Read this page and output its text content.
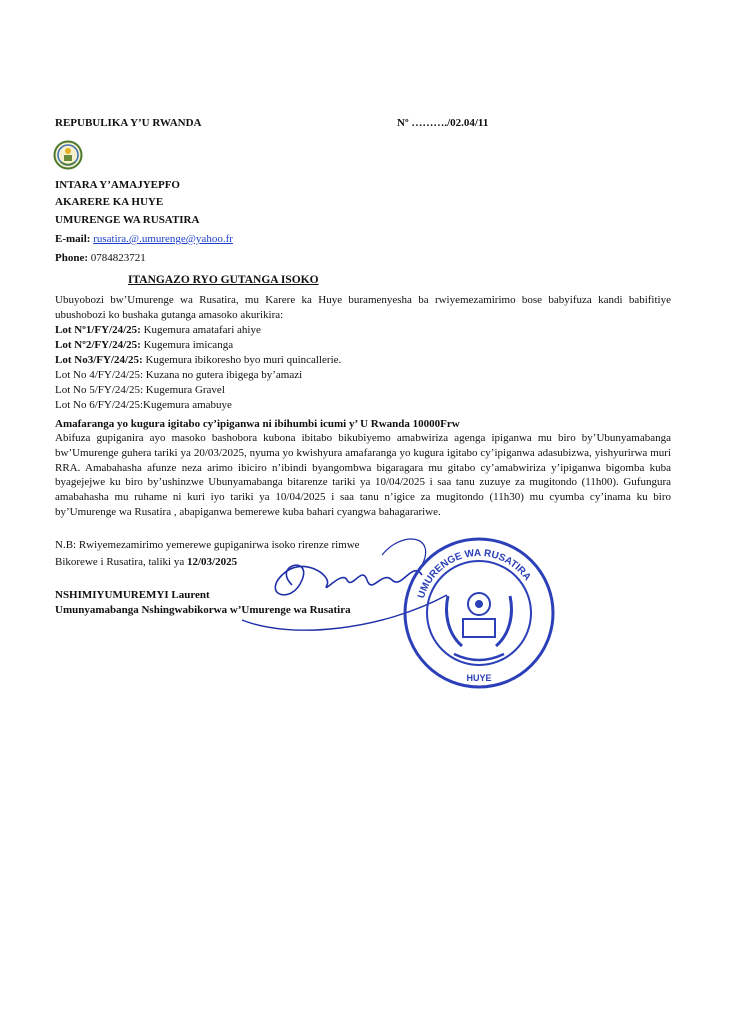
REPUBULIKA Y’U RWANDA	Nº ………./02.04/11
INTARA Y’AMAJYEPFO
AKARERE KA HUYE
UMURENGE WA RUSATIRA
E-mail: rusatira.@.umurenge@yahoo.fr
Phone: 0784823721
ITANGAZO RYO GUTANGA ISOKO
Ubuyobozi bw’Umurenge wa Rusatira, mu Karere ka Huye buramenyesha ba rwiyemezamirimo bose babyifuza kandi babifitiye ubushobozi ko bushaka gutanga amasoko akurikira:
Lot Nº1/FY/24/25: Kugemura amatafari ahiye
Lot Nº2/FY/24/25: Kugemura imicanga
Lot No3/FY/24/25: Kugemura ibikoresho byo muri quincallerie.
Lot No 4/FY/24/25: Kuzana no gutera ibigega by’amazi
Lot No 5/FY/24/25: Kugemura Gravel
Lot No 6/FY/24/25:Kugemura amabuye
Amafaranga yo kugura igitabo cy’ipiganwa ni ibihumbi icumi y’ U Rwanda 10000Frw
Abifuza gupiganira ayo masoko bashobora kubona ibitabo bikubiyemo amabwiriza agenga ipiganwa mu biro by’Ubunyamabanga bw’Umurenge guhera tariki ya 20/03/2025, nyuma yo kwishyura amafaranga yo kugura igitabo cy’ipiganwa adasubizwa, yishyurirwa muri RRA. Amabahasha afunze neza arimo ibiciro n’ibindi byangombwa bigaragara mu gitabo cy’amabwiriza y’ipiganwa bigomba kuba byagejejwe ku biro by’ushinzwe Ubunyamabanga bitarenze tariki ya 10/04/2025 i saa tanu zuzuye za mugitondo (11h00). Gufungura amabahasha mu ruhame ni kuri iyo tariki ya 10/04/2025 i saa tanu n’igice za mugitondo (11h30) mu cyumba cy’inama ku biro by’Umurenge wa Rusatira , abapiganwa bemerewe kuba bahari cyangwa bahagarariwe.
N.B: Rwiyemezamirimo yemerewe gupiganirwa isoko rirenze rimwe
Bikorewe i Rusatira, taliki ya 12/03/2025
NSHIMIYUMUREMYI Laurent
Umunyamabanga Nshingwabikorwa w’Umurenge wa Rusatira
UMURENGE WA RUSATIRA
HUYE
